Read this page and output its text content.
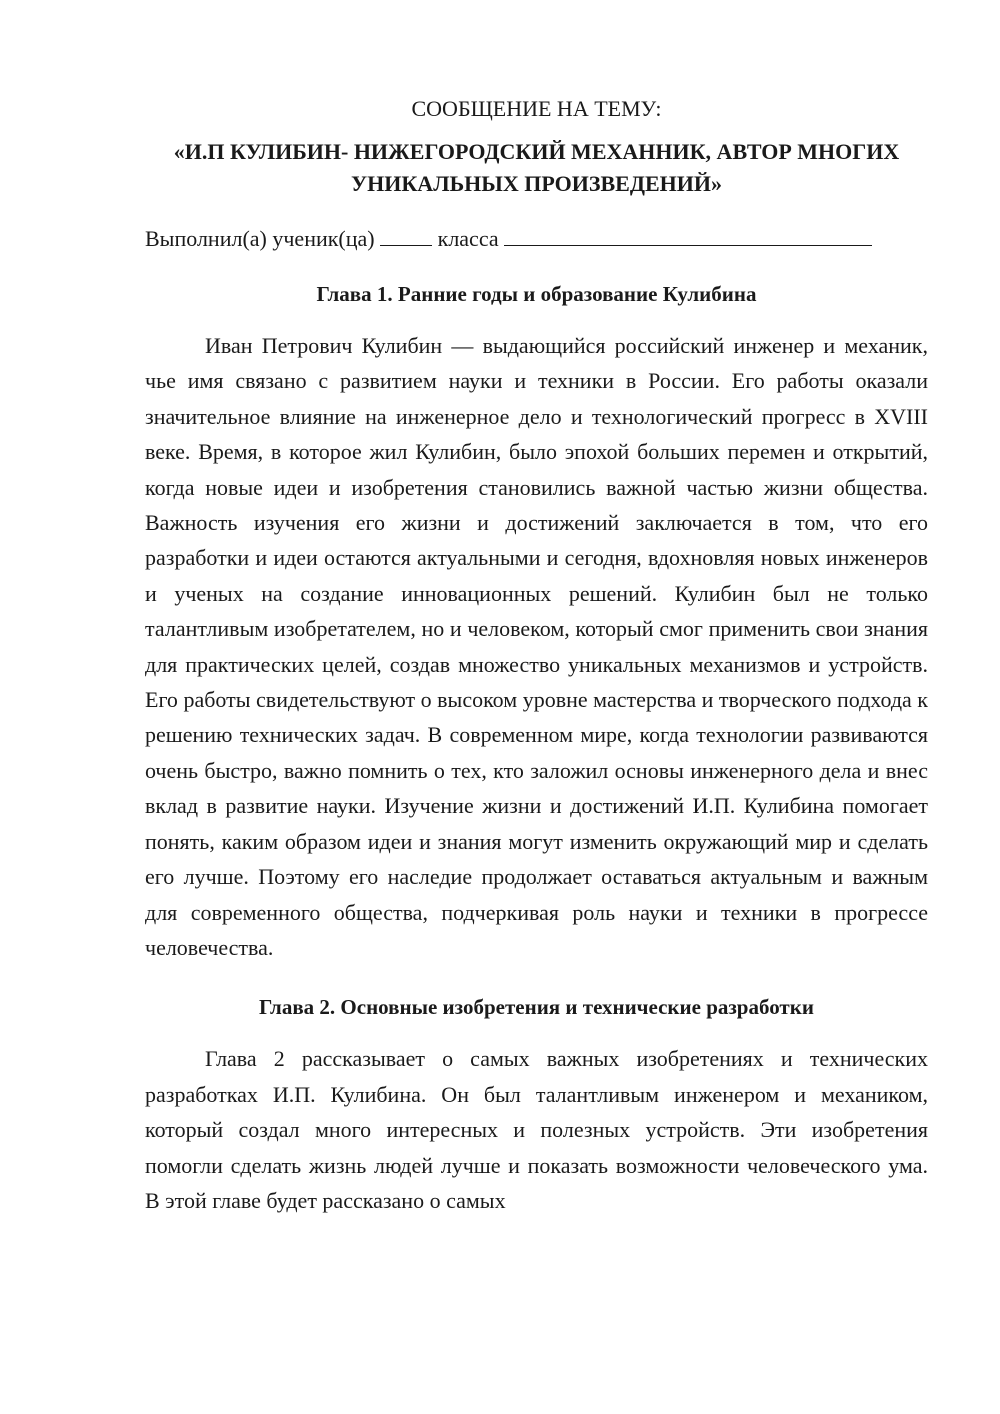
СООБЩЕНИЕ НА ТЕМУ:

«И.П КУЛИБИН- НИЖЕГОРОДСКИЙ МЕХАННИК, АВТОР МНОГИХ УНИКАЛЬНЫХ ПРОИЗВЕДЕНИЙ»

Выполнил(а) ученик(ца)	класса

Глава 1. Ранние годы и образование Кулибина

Иван Петрович Кулибин — выдающийся российский инженер и механик, чье имя связано с развитием науки и техники в России. Его работы оказали значительное влияние на инженерное дело и технологический прогресс в XVIII веке. Время, в которое жил Кулибин, было эпохой больших перемен и открытий, когда новые идеи и изобретения становились важной частью жизни общества. Важность изучения его жизни и достижений заключается в том, что его разработки и идеи остаются актуальными и сегодня, вдохновляя новых инженеров и ученых на создание инновационных решений. Кулибин был не только талантливым изобретателем, но и человеком, который смог применить свои знания для практических целей, создав множество уникальных механизмов и устройств. Его работы свидетельствуют о высоком уровне мастерства и творческого подхода к решению технических задач. В современном мире, когда технологии развиваются очень быстро, важно помнить о тех, кто заложил основы инженерного дела и внес вклад в развитие науки. Изучение жизни и достижений И.П. Кулибина помогает понять, каким образом идеи и знания могут изменить окружающий мир и сделать его лучше. Поэтому его наследие продолжает оставаться актуальным и важным для современного общества, подчеркивая роль науки и техники в прогрессе человечества.

Глава 2. Основные изобретения и технические разработки

Глава 2 рассказывает о самых важных изобретениях и технических разработках И.П. Кулибина. Он был талантливым инженером и механиком, который создал много интересных и полезных устройств. Эти изобретения помогли сделать жизнь людей лучше и показать возможности человеческого ума. В этой главе будет рассказано о самых
